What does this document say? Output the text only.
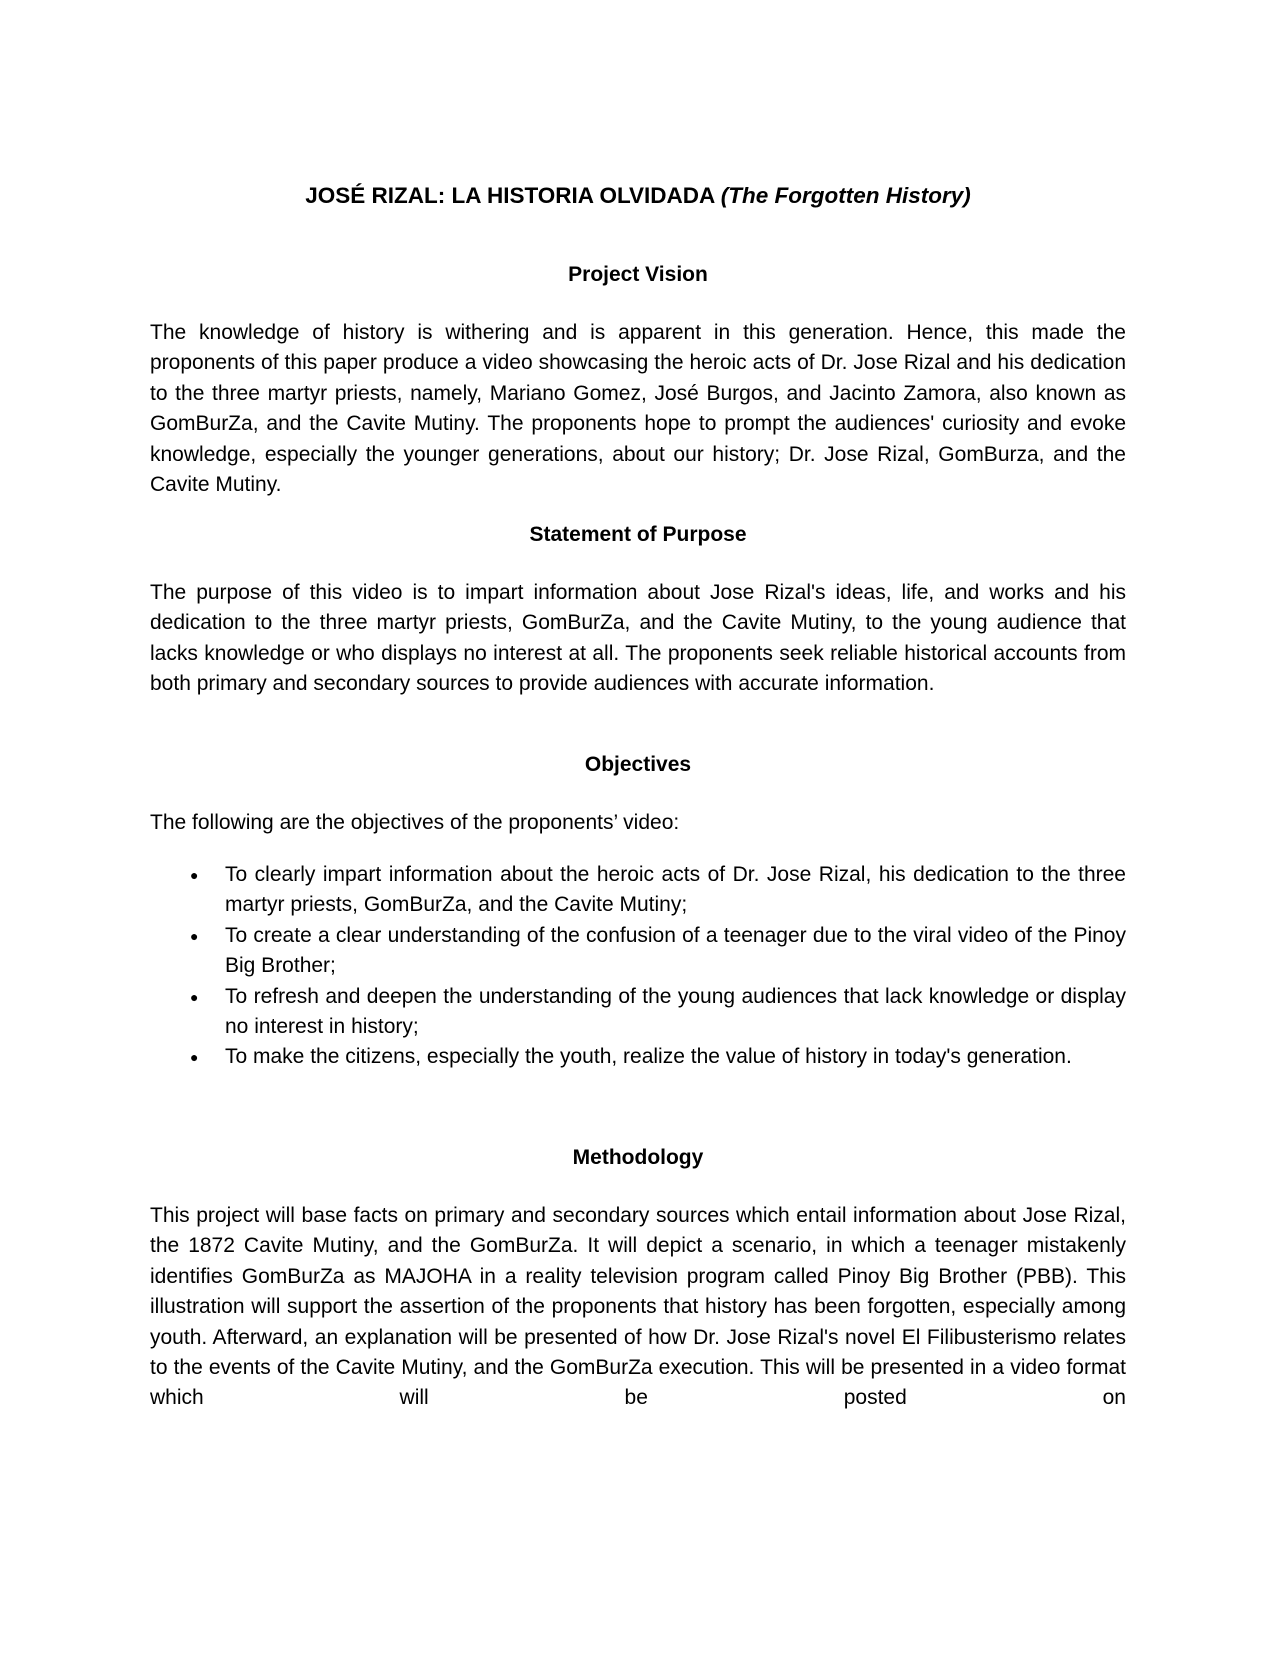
JOSÉ RIZAL: LA HISTORIA OLVIDADA (The Forgotten History)
Project Vision

The knowledge of history is withering and is apparent in this generation. Hence, this made the proponents of this paper produce a video showcasing the heroic acts of Dr. Jose Rizal and his dedication to the three martyr priests, namely, Mariano Gomez, José Burgos, and Jacinto Zamora, also known as GomBurZa, and the Cavite Mutiny. The proponents hope to prompt the audiences' curiosity and evoke knowledge, especially the younger generations, about our history; Dr. Jose Rizal, GomBurza, and the Cavite Mutiny.

Statement of Purpose

The purpose of this video is to impart information about Jose Rizal's ideas, life, and works and his dedication to the three martyr priests, GomBurZa, and the Cavite Mutiny, to the young audience that lacks knowledge or who displays no interest at all. The proponents seek reliable historical accounts from both primary and secondary sources to provide audiences with accurate information.

Objectives

The following are the objectives of the proponents’ video:

● To clearly impart information about the heroic acts of Dr. Jose Rizal, his dedication to the three martyr priests, GomBurZa, and the Cavite Mutiny;
● To create a clear understanding of the confusion of a teenager due to the viral video of the Pinoy Big Brother;
● To refresh and deepen the understanding of the young audiences that lack knowledge or display no interest in history;
● To make the citizens, especially the youth, realize the value of history in today's generation.
Methodology

This project will base facts on primary and secondary sources which entail information about Jose Rizal, the 1872 Cavite Mutiny, and the GomBurZa. It will depict a scenario, in which a teenager mistakenly identifies GomBurZa as MAJOHA in a reality television program called Pinoy Big Brother (PBB). This illustration will support the assertion of the proponents that history has been forgotten, especially among youth. Afterward, an explanation will be presented of how Dr. Jose Rizal's novel El Filibusterismo relates to the events of the Cavite Mutiny, and the GomBurZa execution. This will be presented in a video format which will be posted on
